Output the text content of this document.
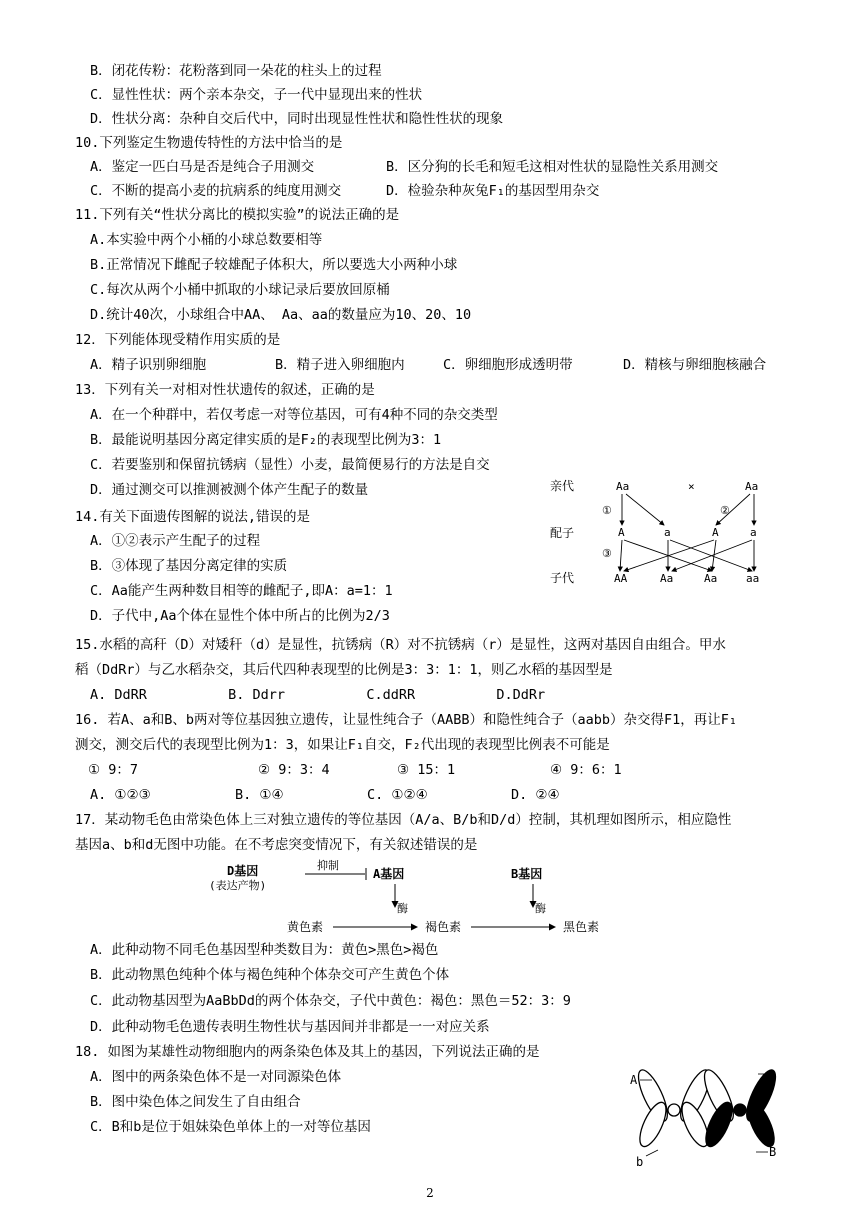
B．闭花传粉：花粉落到同一朵花的柱头上的过程
C．显性性状：两个亲本杂交，子一代中显现出来的性状
D．性状分离：杂种自交后代中，同时出现显性性状和隐性性状的现象
10.下列鉴定生物遗传特性的方法中恰当的是
A．鉴定一匹白马是否是纯合子用测交	B．区分狗的长毛和短毛这相对性状的显隐性关系用测交
C．不断的提高小麦的抗病系的纯度用测交	D．检验杂种灰兔F₁的基因型用杂交
11.下列有关“性状分离比的模拟实验”的说法正确的是
A.本实验中两个小桶的小球总数要相等
B.正常情况下雌配子较雄配子体积大，所以要选大小两种小球
C.每次从两个小桶中抓取的小球记录后要放回原桶
D.统计40次，小球组合中AA、 Aa、aa的数量应为10、20、10
12．下列能体现受精作用实质的是
A．精子识别卵细胞	B．精子进入卵细胞内	C．卵细胞形成透明带	D．精核与卵细胞核融合
13．下列有关一对相对性状遗传的叙述，正确的是
A．在一个种群中，若仅考虑一对等位基因，可有4种不同的杂交类型
B．最能说明基因分离定律实质的是F₂的表现型比例为3：1
C．若要鉴别和保留抗锈病（显性）小麦，最简便易行的方法是自交
D．通过测交可以推测被测个体产生配子的数量
14.有关下面遗传图解的说法,错误的是
A．①②表示产生配子的过程
B．③体现了基因分离定律的实质
C．Aa能产生两种数目相等的雌配子,即A：a=1：1
D．子代中,Aa个体在显性个体中所占的比例为2/3
亲代
配子
子代
Aa	×	Aa
①	②
③
A	a	A	a
AA	Aa	Aa	aa
15.水稻的高秆（D）对矮秆（d）是显性，抗锈病（R）对不抗锈病（r）是显性，这两对基因自由组合。甲水
稻（DdRr）与乙水稻杂交，其后代四种表现型的比例是3：3：1：1，则乙水稻的基因型是
A. DdRR          B. Ddrr          C.ddRR          D.DdRr
16. 若A、a和B、b两对等位基因独立遗传，让显性纯合子（AABB）和隐性纯合子（aabb）杂交得F1，再让F₁
测交，测交后代的表现型比例为1：3，如果让F₁自交，F₂代出现的表现型比例表不可能是
① 9：7	② 9：3：4	③ 15：1	④ 9：6：1
A. ①②③	B. ①④	C. ①②④	D. ②④
17．某动物毛色由常染色体上三对独立遗传的等位基因（A/a、B/b和D/d）控制，其机理如图所示，相应隐性
基因a、b和d无图中功能。在不考虑突变情况下，有关叙述错误的是
D基因
(表达产物)
抑制
A基因	B基因
酶	酶
黄色素	褐色素	黑色素
A．此种动物不同毛色基因型种类数目为：黄色>黑色>褐色
B．此动物黑色纯种个体与褐色纯种个体杂交可产生黄色个体
C．此动物基因型为AaBbDd的两个体杂交，子代中黄色：褐色：黑色＝52：3：9
D．此种动物毛色遗传表明生物性状与基因间并非都是一一对应关系
18. 如图为某雄性动物细胞内的两条染色体及其上的基因，下列说法正确的是
A．图中的两条染色体不是一对同源染色体
B．图中染色体之间发生了自由组合
C．B和b是位于姐妹染色单体上的一对等位基因
A	a
b
B
2
